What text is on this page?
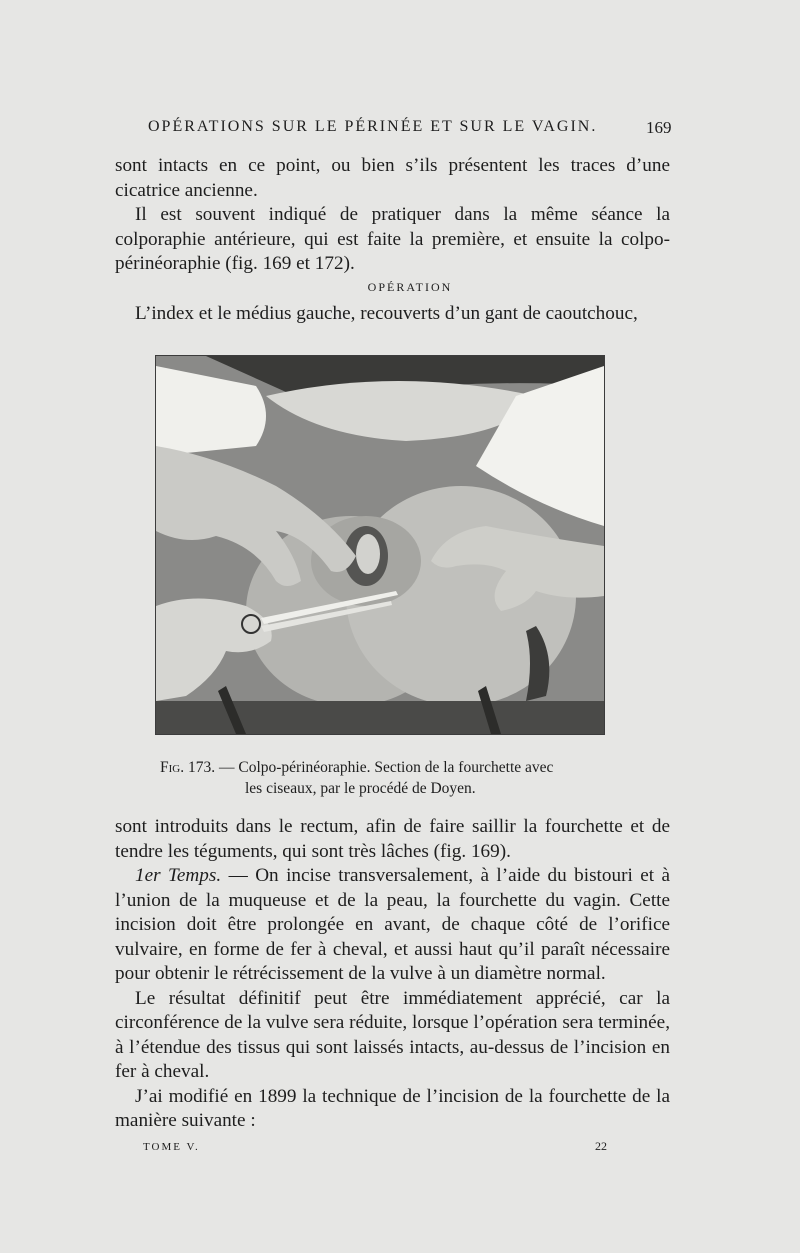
OPÉRATIONS SUR LE PÉRINÉE ET SUR LE VAGIN.	169

sont intacts en ce point, ou bien s’ils présentent les traces d’une cicatrice ancienne.

Il est souvent indiqué de pratiquer dans la même séance la colporaphie antérieure, qui est faite la première, et ensuite la colpo-périnéoraphie (fig. 169 et 172).

OPÉRATION

L’index et le médius gauche, recouverts d’un gant de caoutchouc,

Fig. 173. — Colpo-périnéoraphie. Section de la fourchette avec
les ciseaux, par le procédé de Doyen.

sont introduits dans le rectum, afin de faire saillir la fourchette et de tendre les téguments, qui sont très lâches (fig. 169).

1er Temps. — On incise transversalement, à l’aide du bistouri et à l’union de la muqueuse et de la peau, la fourchette du vagin. Cette incision doit être prolongée en avant, de chaque côté de l’orifice vulvaire, en forme de fer à cheval, et aussi haut qu’il paraît nécessaire pour obtenir le rétrécissement de la vulve à un diamètre normal.

Le résultat définitif peut être immédiatement apprécié, car la circonférence de la vulve sera réduite, lorsque l’opération sera terminée, à l’étendue des tissus qui sont laissés intacts, au-dessus de l’incision en fer à cheval.

J’ai modifié en 1899 la technique de l’incision de la fourchette de la manière suivante :

TOME V.	22
